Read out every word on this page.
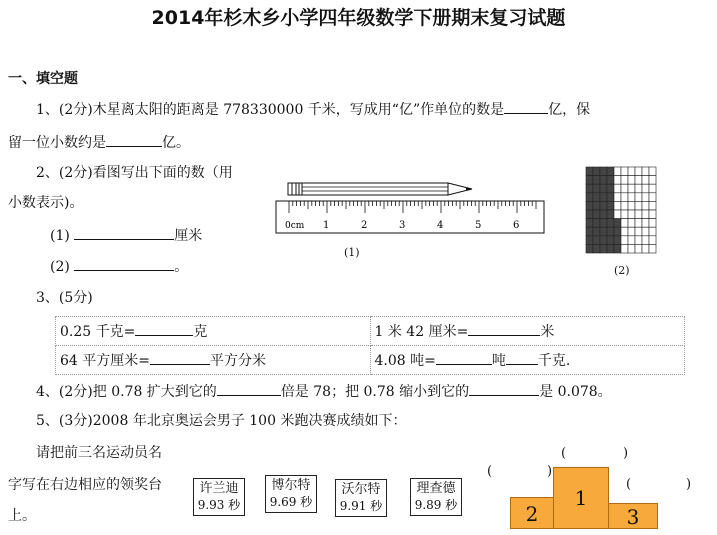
2014年杉木乡小学四年级数学下册期末复习试题
一、填空题
1、(2分)木星离太阳的距离是 778330000 千米，写成用“亿”作单位的数是	亿，保
留一位小数约是	亿。
2、(2分)看图写出下面的数（用
小数表示)。
(1)	厘米
(2)	。
0cm 1	2	3	4	5	6
(1)
(2)
3、(5分)
0.25 千克= 克	1 米 42 厘米= 米
64 平方厘米= 平方分米	4.08 吨= 吨 千克.
4、(2分)把 0.78 扩大到它的	倍是 78；把 0.78 缩小到它的	是 0.078。
5、(3分)2008 年北京奥运会男子 100 米跑决赛成绩如下：
请把前三名运动员名
字写在右边相应的领奖台
上。
许兰迪
9.93 秒
博尔特
9.69 秒
沃尔特
9.91 秒
理查德
9.89 秒
(	)
(	)
(	)
2
1
3
